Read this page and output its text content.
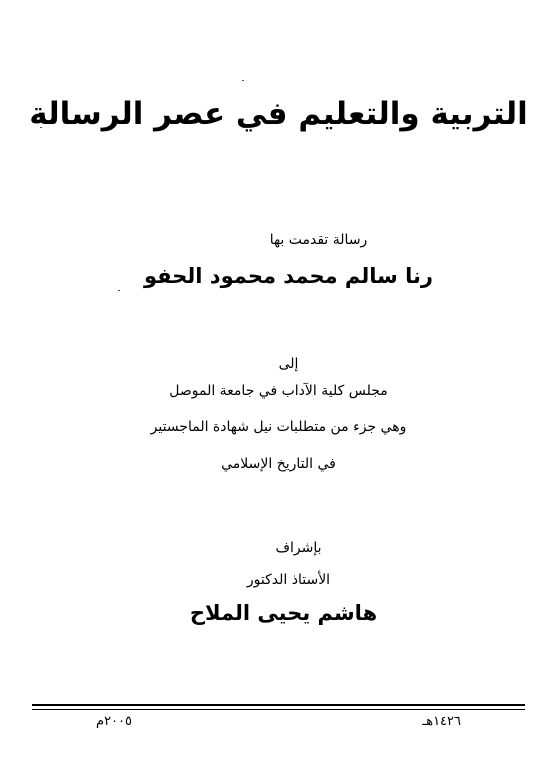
التربية والتعليم في عصر الرسالة
رسالة تقدمت بها
رنا سالم محمد محمود الحفو
إلى
مجلس كلية الآداب في جامعة الموصل
وهي جزء من متطلبات نيل شهادة الماجستير
في التاريخ الإسلامي
بإشراف
الأستاذ الدكتور
هاشم يحيى الملاح
١٤٢٦هـ
٢٠٠٥م
